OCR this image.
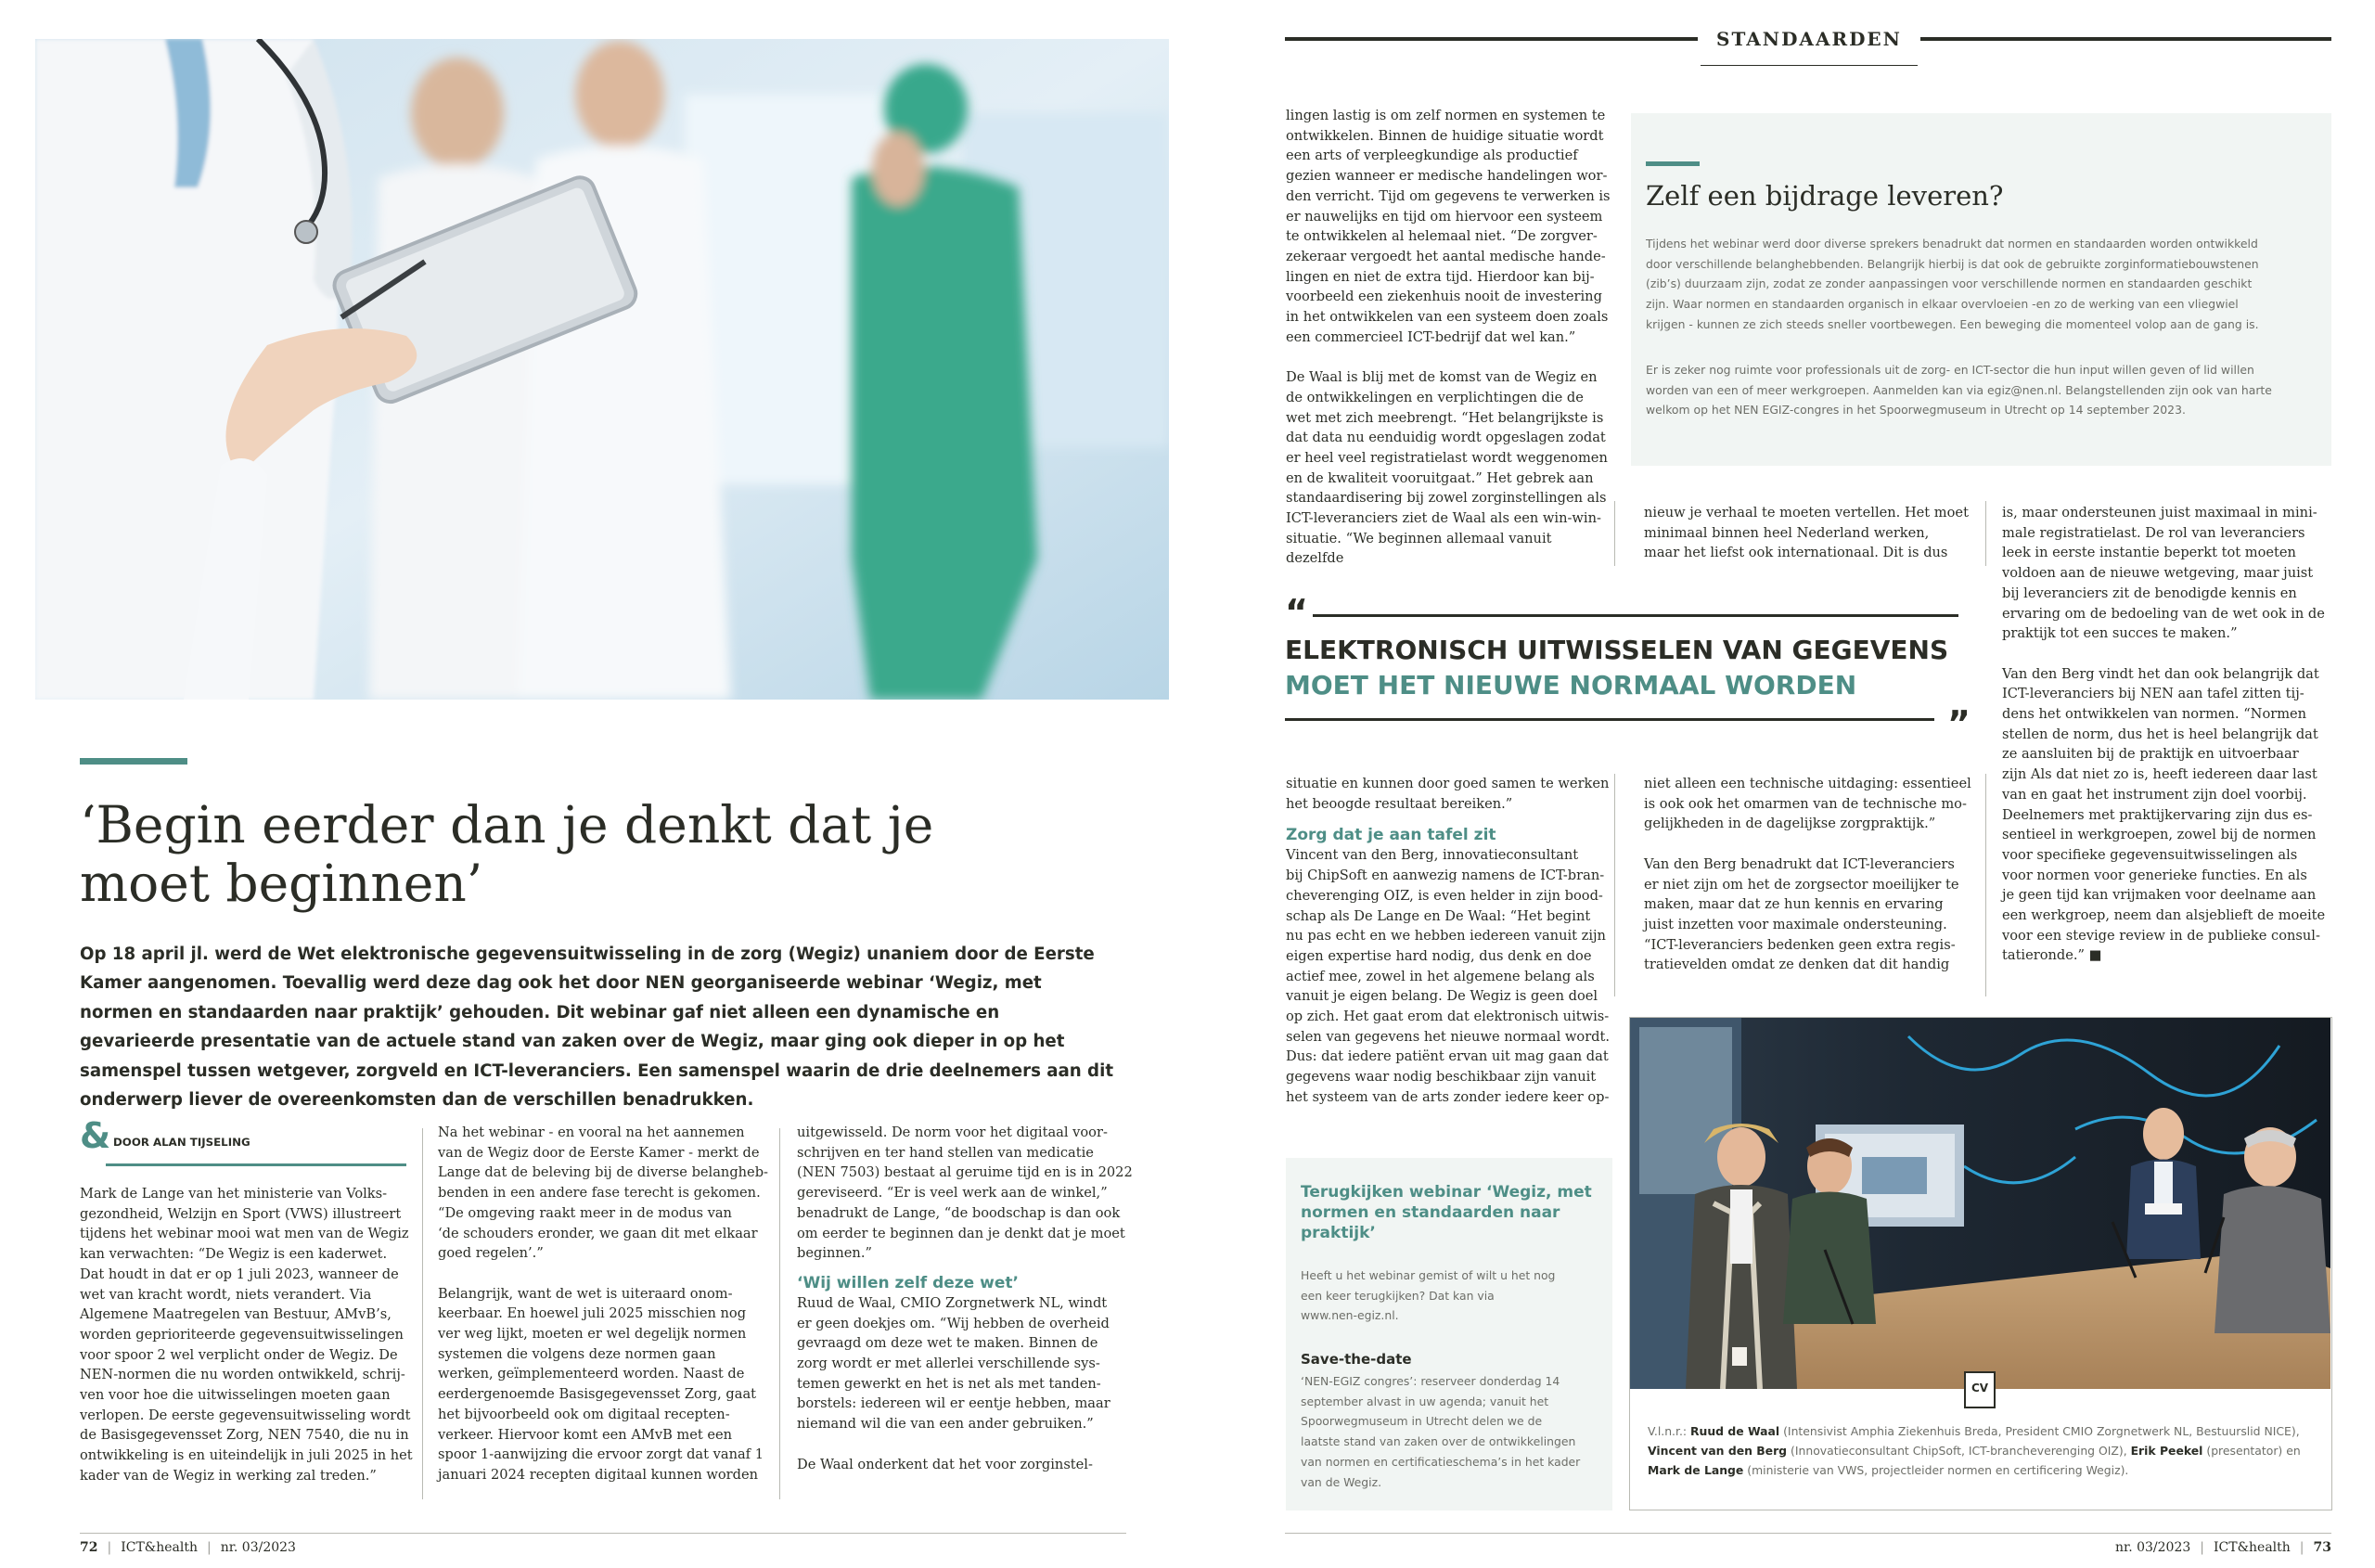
‘Begin eerder dan je denkt dat je
moet beginnen’
Op 18 april jl. werd de Wet elektronische gegevensuitwisseling in de zorg (Wegiz) unaniem door de Eerste Kamer aangenomen. Toevallig werd deze dag ook het door NEN georganiseerde webinar ‘Wegiz, met normen en standaarden naar praktijk’ gehouden. Dit webinar gaf niet alleen een dynamische en gevarieerde presentatie van de actuele stand van zaken over de Wegiz, maar ging ook dieper in op het samenspel tussen wetgever, zorgveld en ICT-leveranciers. Een samenspel waarin de drie deelnemers aan dit onderwerp liever de overeenkomsten dan de verschillen benadrukken.
& DOOR ALAN TIJSELING
Mark de Lange van het ministerie van Volks-
gezondheid, Welzijn en Sport (VWS) illustreert
tijdens het webinar mooi wat men van de Wegiz
kan verwachten: “De Wegiz is een kaderwet.
Dat houdt in dat er op 1 juli 2023, wanneer de
wet van kracht wordt, niets verandert. Via
Algemene Maatregelen van Bestuur, AMvB’s,
worden geprioriteerde gegevensuitwisselingen
voor spoor 2 wel verplicht onder de Wegiz. De
NEN-normen die nu worden ontwikkeld, schrij-
ven voor hoe die uitwisselingen moeten gaan
verlopen. De eerste gegevensuitwisseling wordt
de Basisgegevensset Zorg, NEN 7540, die nu in
ontwikkeling is en uiteindelijk in juli 2025 in het
kader van de Wegiz in werking zal treden.”
Na het webinar - en vooral na het aannemen
van de Wegiz door de Eerste Kamer - merkt de
Lange dat de beleving bij de diverse belangheb-
benden in een andere fase terecht is gekomen.
“De omgeving raakt meer in de modus van
‘de schouders eronder, we gaan dit met elkaar
goed regelen’.”

Belangrijk, want de wet is uiteraard onom-
keerbaar. En hoewel juli 2025 misschien nog
ver weg lijkt, moeten er wel degelijk normen
systemen die volgens deze normen gaan
werken, geïmplementeerd worden. Naast de
eerdergenoemde Basisgegevensset Zorg, gaat
het bijvoorbeeld ook om digitaal recepten-
verkeer. Hiervoor komt een AMvB met een
spoor 1-aanwijzing die ervoor zorgt dat vanaf 1
januari 2024 recepten digitaal kunnen worden
uitgewisseld. De norm voor het digitaal voor-
schrijven en ter hand stellen van medicatie
(NEN 7503) bestaat al geruime tijd en is in 2022
gereviseerd. “Er is veel werk aan de winkel,”
benadrukt de Lange, “de boodschap is dan ook
om eerder te beginnen dan je denkt dat je moet
beginnen.”
‘Wij willen zelf deze wet’
Ruud de Waal, CMIO Zorgnetwerk NL, windt
er geen doekjes om. “Wij hebben de overheid
gevraagd om deze wet te maken. Binnen de
zorg wordt er met allerlei verschillende sys-
temen gewerkt en het is net als met tanden-
borstels: iedereen wil er eentje hebben, maar
niemand wil die van een ander gebruiken.”

De Waal onderkent dat het voor zorginstel-
72 | ICT&health | nr. 03/2023
STANDAARDEN
lingen lastig is om zelf normen en systemen te
ontwikkelen. Binnen de huidige situatie wordt
een arts of verpleegkundige als productief
gezien wanneer er medische handelingen wor-
den verricht. Tijd om gegevens te verwerken is
er nauwelijks en tijd om hiervoor een systeem
te ontwikkelen al helemaal niet. “De zorgver-
zekeraar vergoedt het aantal medische hande-
lingen en niet de extra tijd. Hierdoor kan bij-
voorbeeld een ziekenhuis nooit de investering
in het ontwikkelen van een systeem doen zoals
een commercieel ICT-bedrijf dat wel kan.”

De Waal is blij met de komst van de Wegiz en
de ontwikkelingen en verplichtingen die de
wet met zich meebrengt. “Het belangrijkste is
dat data nu eenduidig wordt opgeslagen zodat
er heel veel registratielast wordt weggenomen
en de kwaliteit vooruitgaat.” Het gebrek aan
standaardisering bij zowel zorginstellingen als
ICT-leveranciers ziet de Waal als een win-win-
situatie. “We beginnen allemaal vanuit dezelfde
Zelf een bijdrage leveren?
Tijdens het webinar werd door diverse sprekers benadrukt dat normen en standaarden worden ontwikkeld
door verschillende belanghebbenden. Belangrijk hierbij is dat ook de gebruikte zorginformatiebouwstenen
(zib’s) duurzaam zijn, zodat ze zonder aanpassingen voor verschillende normen en standaarden geschikt
zijn. Waar normen en standaarden organisch in elkaar overvloeien -en zo de werking van een vliegwiel
krijgen - kunnen ze zich steeds sneller voortbewegen. Een beweging die momenteel volop aan de gang is.
Er is zeker nog ruimte voor professionals uit de zorg- en ICT-sector die hun input willen geven of lid willen
worden van een of meer werkgroepen. Aanmelden kan via egiz@nen.nl. Belangstellenden zijn ook van harte
welkom op het NEN EGIZ-congres in het Spoorwegmuseum in Utrecht op 14 september 2023.
nieuw je verhaal te moeten vertellen. Het moet
minimaal binnen heel Nederland werken,
maar het liefst ook internationaal. Dit is dus
is, maar ondersteunen juist maximaal in mini-
male registratielast. De rol van leveranciers
leek in eerste instantie beperkt tot moeten
voldoen aan de nieuwe wetgeving, maar juist
bij leveranciers zit de benodigde kennis en
ervaring om de bedoeling van de wet ook in de
praktijk tot een succes te maken.”

Van den Berg vindt het dan ook belangrijk dat
ICT-leveranciers bij NEN aan tafel zitten tij-
dens het ontwikkelen van normen. “Normen
stellen de norm, dus het is heel belangrijk dat
ze aansluiten bij de praktijk en uitvoerbaar
zijn Als dat niet zo is, heeft iedereen daar last
van en gaat het instrument zijn doel voorbij.
Deelnemers met praktijkervaring zijn dus es-
sentieel in werkgroepen, zowel bij de normen
voor specifieke gegevensuitwisselingen als
voor normen voor generieke functies. En als
je geen tijd kan vrijmaken voor deelname aan
een werkgroep, neem dan alsjeblieft de moeite
voor een stevige review in de publieke consul-
tatieronde.” ■
“
ELEKTRONISCH UITWISSELEN VAN GEGEVENS
MOET HET NIEUWE NORMAAL WORDEN
”
situatie en kunnen door goed samen te werken
het beoogde resultaat bereiken.”
Zorg dat je aan tafel zit
Vincent van den Berg, innovatieconsultant
bij ChipSoft en aanwezig namens de ICT-bran-
cheverenging OIZ, is even helder in zijn bood-
schap als De Lange en De Waal: “Het begint
nu pas echt en we hebben iedereen vanuit zijn
eigen expertise hard nodig, dus denk en doe
actief mee, zowel in het algemene belang als
vanuit je eigen belang. De Wegiz is geen doel
op zich. Het gaat erom dat elektronisch uitwis-
selen van gegevens het nieuwe normaal wordt.
Dus: dat iedere patiënt ervan uit mag gaan dat
gegevens waar nodig beschikbaar zijn vanuit
het systeem van de arts zonder iedere keer op-
niet alleen een technische uitdaging: essentieel
is ook ook het omarmen van de technische mo-
gelijkheden in de dagelijkse zorgpraktijk.”

Van den Berg benadrukt dat ICT-leveranciers
er niet zijn om het de zorgsector moeilijker te
maken, maar dat ze hun kennis en ervaring
juist inzetten voor maximale ondersteuning.
“ICT-leveranciers bedenken geen extra regis-
tratievelden omdat ze denken dat dit handig
Terugkijken webinar ‘Wegiz, met
normen en standaarden naar
praktijk’
Heeft u het webinar gemist of wilt u het nog
een keer terugkijken? Dat kan via
www.nen-egiz.nl.
Save-the-date
‘NEN-EGIZ congres’: reserveer donderdag 14
september alvast in uw agenda; vanuit het
Spoorwegmuseum in Utrecht delen we de
laatste stand van zaken over de ontwikkelingen
van normen en certificatieschema’s in het kader
van de Wegiz.
CV
V.l.n.r.: Ruud de Waal (Intensivist Amphia Ziekenhuis Breda, President CMIO Zorgnetwerk NL, Bestuurslid NICE), Vincent van den Berg (Innovatieconsultant ChipSoft, ICT-brancheverenging OIZ), Erik Peekel (presentator) en Mark de Lange (ministerie van VWS, projectleider normen en certificering Wegiz).
nr. 03/2023 | ICT&health | 73
